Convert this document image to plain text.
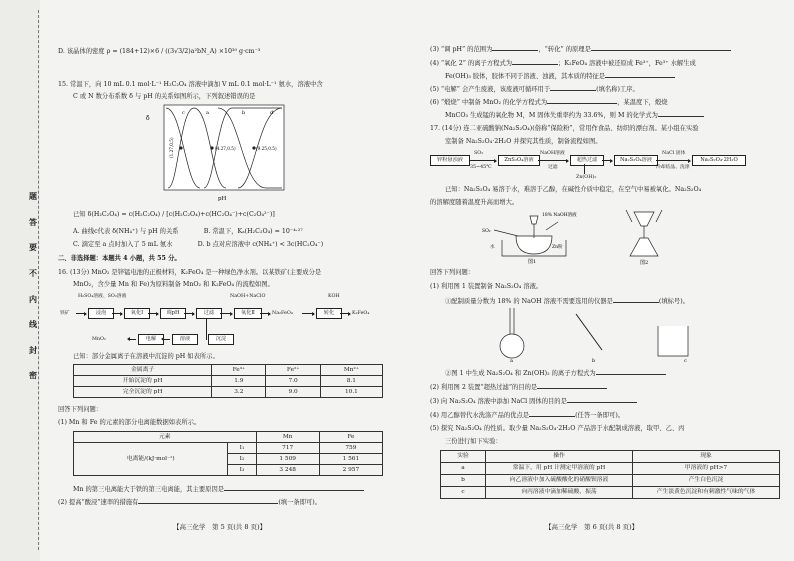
题
答
要
不
内
线
封
密

D. 该晶体的密度 ρ = (184+12)×6 / ((3√3/2)a²bN_A) ×10³⁰ g·cm⁻³

15. 常温下，向 10 mL 0.1 mol·L⁻¹ H₂C₂O₄ 溶液中滴加 V mL 0.1 mol·L⁻¹ 氨水，溶液中含

C 或 N 数分布系数 δ 与 pH 的关系如图所示，下列叙述错误的是

δ
pH
(1.27,0.5)	(4.27,0.5)	(9.25,0.5)
c	a	b	d

已知 δ(H₂C₂O₄) = c(H₂C₂O₄) / [c(H₂C₂O₄)+c(HC₂O₄⁻)+c(C₂O₄²⁻)]

A. 曲线c代表 δ(NH₄⁺) 与 pH 的关系　　　　B. 常温下，Kₐ(H₂C₂O₄) = 10⁻⁴·²⁷

C. 滴定至 a 点时加入了 5 mL 氨水　　　　D. b 点对应溶液中 c(NH₄⁺) < 3c(HC₂O₄⁻)

二、非选择题：本题共 4 小题，共 55 分。

16. (13分) MnO₂ 是锌锰电池的正极材料，K₂FeO₄ 是一种绿色净水剂。以某铁矿(主要成分是

MnO₂，含少量 Mn 和 Fe)为原料制备 MnO₂ 和 K₂FeO₄ 的流程如图。

H₂SO₄溶液、SO₂溶液	NaOH+NaClO	KOH
铁矿	浸泡	氧化Ⅰ	调pH	过滤	氧化Ⅱ	Na₂FeO₄	转化	K₂FeO₄
MnO₂	电解	溶液	沉淀

已知：部分金属离子在溶液中沉淀的 pH 如表所示。

金属离子	Fe³⁺	Fe²⁺	Mn²⁺
开始沉淀的 pH	1.9	7.0	8.1
完全沉淀的 pH	3.2	9.0	10.1

回答下列问题：

(1) Mn 和 Fe 的元素的部分电离能数据如表所示。

元素		Mn	Fe
电离能/(kJ·mol⁻¹)	I₁	717	759
	I₂	1 509	1 561
	I₃	3 248	2 957

Mn 的第三电离能大于铁的第三电离能，其主要原因是

(2) 提高“酸浸”速率的措施有	(填一条即可)。

【高三化学　第 5 页(共 8 页)】

(3) “调 pH” 的范围为	，“转化” 的原理是

(4) “氧化 2” 的离子方程式为	；K₂FeO₄ 溶液中被还原成 Fe³⁺，Fe³⁺ 水解生成

Fe(OH)₃ 胶体，胶体不同于溶液、浊液，其本质的特征是

(5) “电解” 会产生废液，该废液可循环用于	(填名称)工序。

(6) “煅烧” 中制备 MnO₂ 的化学方程式为	，某温度下，煅烧

MnCO₃ 生成锰的氧化物 M，M 固体失重率约为 33.6%，则 M 的化学式为

17. (14分) 连二亚硫酸钠(Na₂S₂O₄)(俗称“保险粉”，常用作食品、纺织的漂白剂。某小组在实验

室制备 Na₂S₂O₄·2H₂O 并探究其性质，制备流程如图。

锌粉悬浊液
SO₂
35~45℃
ZnS₂O₄溶液
NaOH溶液
过滤
超热过滤	Na₂S₂O₄溶液
NaCl 固体
冷却结晶、洗涤
Na₂S₂O₄·2H₂O
Zn(OH)₂

已知：Na₂S₂O₄ 易溶于水，难溶于乙醇，在碱性介质中稳定，在空气中易被氧化。Na₂S₂O₄

的溶解度随着温度升高而增大。

18% NaOH溶液
SO₂
水	Zn粉
图1	图2

回答下列问题：

(1) 利用图 1 装置制备 Na₂S₂O₄ 溶液。

①配制质量分数为 18% 的 NaOH 溶液不需要选用的仪器是	(填标号)。

a	b	c

②图 1 中生成 Na₂S₂O₄ 和 Zn(OH)₂ 的离子方程式为

(2) 利用图 2 装置“超热过滤”的目的是

(3) 向 Na₂S₂O₄ 溶液中添加 NaCl 固体的目的是

(4) 用乙醇替代水洗涤产品的优点是	(任答一条即可)。

(5) 探究 Na₂S₂O₄ 的性质。取少量 Na₂S₂O₄·2H₂O 产品溶于水配制成溶液，取甲、乙、丙

三份进行如下实验：

实验	操作	现象
a	常温下，用 pH 计测定甲溶液的 pH	甲溶液的 pH>7
b	向乙溶液中加入硫酸酸化的硝酸钡溶液	产生白色沉淀
c	向丙溶液中滴加稀硫酸，振荡	产生淡黄色沉淀和有刺激性气味的气体

【高三化学　第 6 页(共 8 页)】
